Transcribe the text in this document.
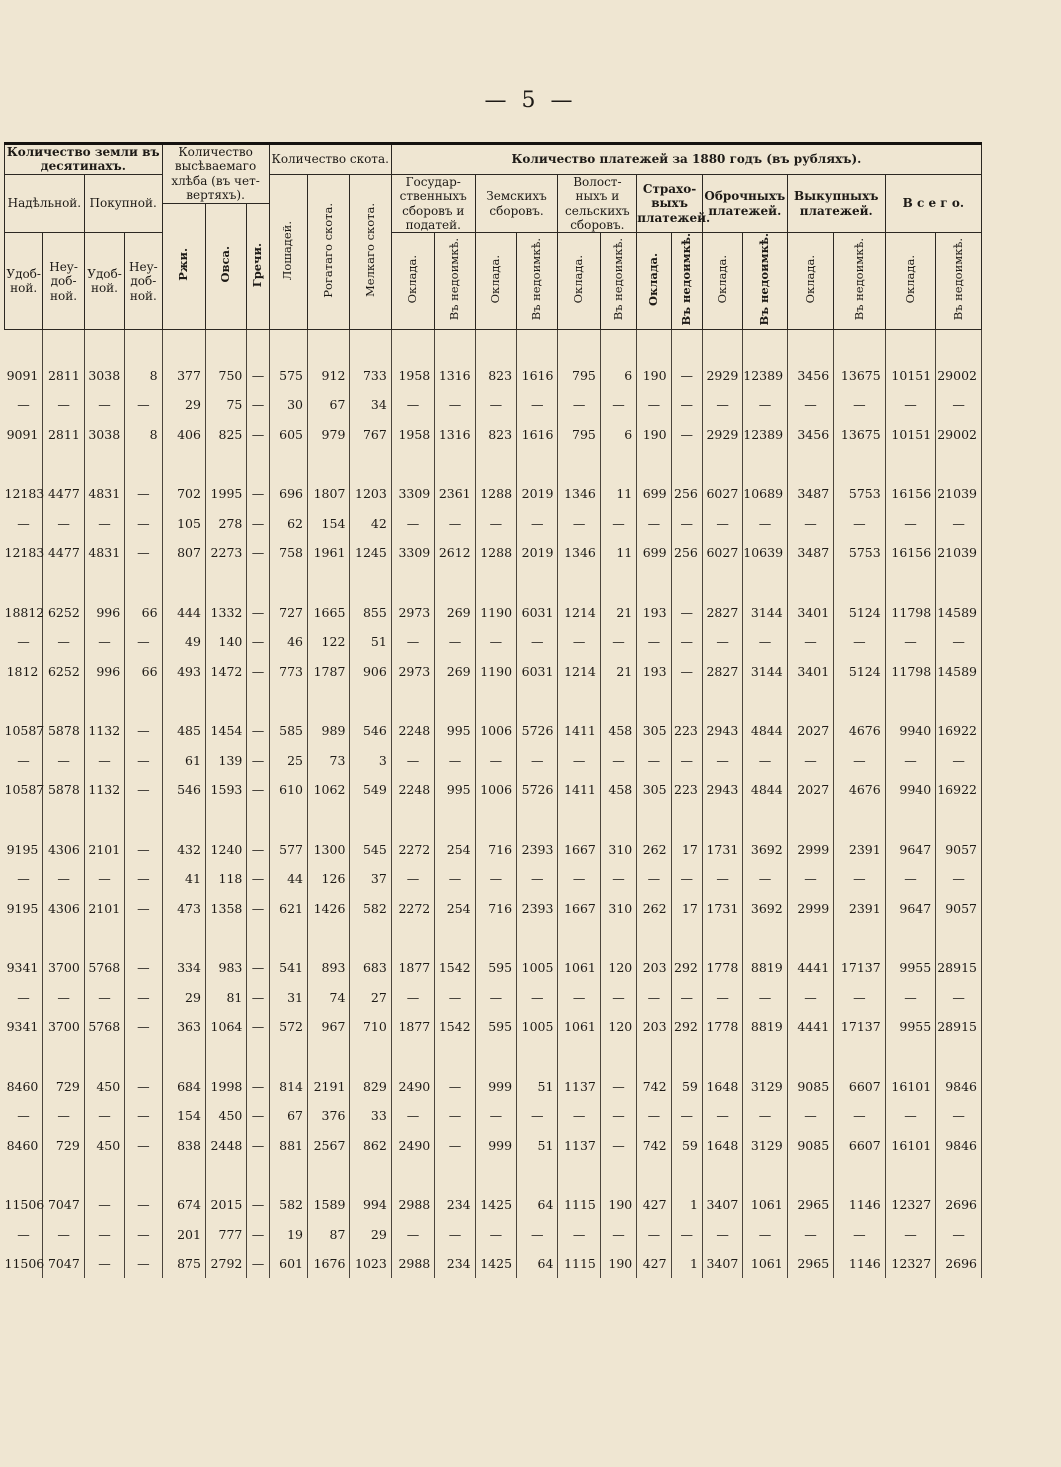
— 5 —
Количество земли въ десятинахъ.				Количество высѣваемаго хлѣба (въ чет- вертяхъ).			Количество скота.			Количество платежей за 1880 годъ (въ рубляхъ).													
Надѣльной.		Покупной.					Лошадей.	Рогатаго скота.	Мелкаго скота.	Государ- ственныхъ сборовъ и податей.		Земскихъ сборовъ.		Волост- ныхъ и сельскихъ сборовъ.		Страхо- выхъ платежей.		Оброчныхъ платежей.		Выкупныхъ платежей.		В с е г о.	
				Ржи.	Овса.	Гречи.																	
Удоб- ной.	Неу- доб- ной.	Удоб- ной.	Неу- доб- ной.							Оклада.	Въ недоимкѣ.	Оклада.	Въ недоимкѣ.	Оклада.	Въ недоимкѣ.	Оклада.	Въ недоимкѣ.	Оклада.	Въ недоимкѣ.	Оклада.	Въ недоимкѣ.	Оклада.	Въ недоимкѣ.

9091	2811	3038	8	377	750	—	575	912	733	1958	1316	823	1616	795	6	190	—	2929	12389	3456	13675	10151	29002
—	—	—	—	29	75	—	30	67	34	—	—	—	—	—	—	—	—	—	—	—	—	—	—
9091	2811	3038	8	406	825	—	605	979	767	1958	1316	823	1616	795	6	190	—	2929	12389	3456	13675	10151	29002

12183	4477	4831	—	702	1995	—	696	1807	1203	3309	2361	1288	2019	1346	11	699	256	6027	10689	3487	5753	16156	21039
—	—	—	—	105	278	—	62	154	42	—	—	—	—	—	—	—	—	—	—	—	—	—	—
12183	4477	4831	—	807	2273	—	758	1961	1245	3309	2612	1288	2019	1346	11	699	256	6027	10639	3487	5753	16156	21039

18812	6252	996	66	444	1332	—	727	1665	855	2973	269	1190	6031	1214	21	193	—	2827	3144	3401	5124	11798	14589
—	—	—	—	49	140	—	46	122	51	—	—	—	—	—	—	—	—	—	—	—	—	—	—
1812	6252	996	66	493	1472	—	773	1787	906	2973	269	1190	6031	1214	21	193	—	2827	3144	3401	5124	11798	14589

10587	5878	1132	—	485	1454	—	585	989	546	2248	995	1006	5726	1411	458	305	223	2943	4844	2027	4676	9940	16922
—	—	—	—	61	139	—	25	73	3	—	—	—	—	—	—	—	—	—	—	—	—	—	—
10587	5878	1132	—	546	1593	—	610	1062	549	2248	995	1006	5726	1411	458	305	223	2943	4844	2027	4676	9940	16922

9195	4306	2101	—	432	1240	—	577	1300	545	2272	254	716	2393	1667	310	262	17	1731	3692	2999	2391	9647	9057
—	—	—	—	41	118	—	44	126	37	—	—	—	—	—	—	—	—	—	—	—	—	—	—
9195	4306	2101	—	473	1358	—	621	1426	582	2272	254	716	2393	1667	310	262	17	1731	3692	2999	2391	9647	9057

9341	3700	5768	—	334	983	—	541	893	683	1877	1542	595	1005	1061	120	203	292	1778	8819	4441	17137	9955	28915
—	—	—	—	29	81	—	31	74	27	—	—	—	—	—	—	—	—	—	—	—	—	—	—
9341	3700	5768	—	363	1064	—	572	967	710	1877	1542	595	1005	1061	120	203	292	1778	8819	4441	17137	9955	28915

8460	729	450	—	684	1998	—	814	2191	829	2490	—	999	51	1137	—	742	59	1648	3129	9085	6607	16101	9846
—	—	—	—	154	450	—	67	376	33	—	—	—	—	—	—	—	—	—	—	—	—	—	—
8460	729	450	—	838	2448	—	881	2567	862	2490	—	999	51	1137	—	742	59	1648	3129	9085	6607	16101	9846

11506	7047	—	—	674	2015	—	582	1589	994	2988	234	1425	64	1115	190	427	1	3407	1061	2965	1146	12327	2696
—	—	—	—	201	777	—	19	87	29	—	—	—	—	—	—	—	—	—	—	—	—	—	—
11506	7047	—	—	875	2792	—	601	1676	1023	2988	234	1425	64	1115	190	427	1	3407	1061	2965	1146	12327	2696
